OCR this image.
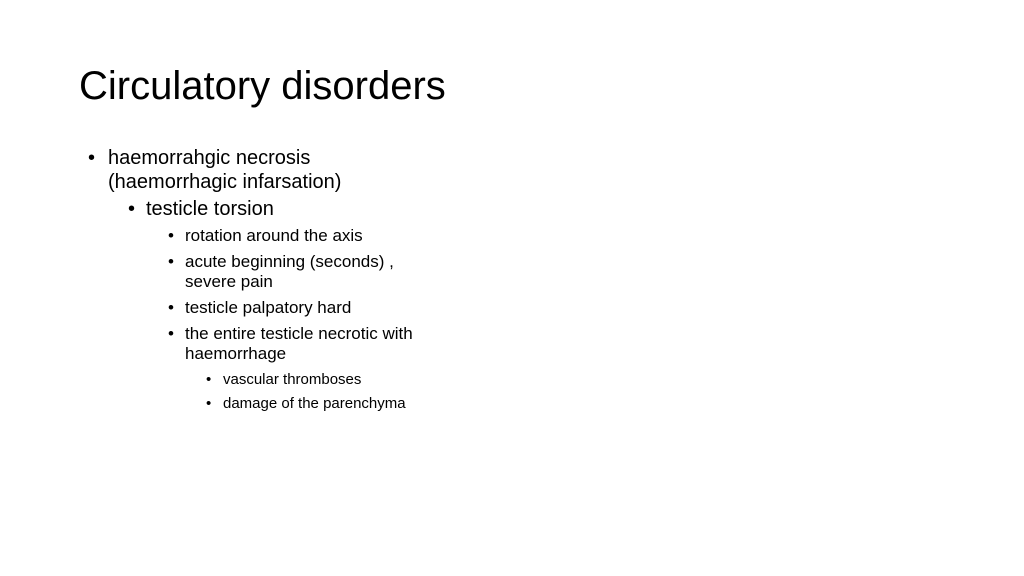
Circulatory disorders
• haemorrahgic necrosis
(haemorrhagic infarsation)
• testicle torsion
• rotation around the axis
• acute beginning (seconds) ,
severe pain
• testicle palpatory hard
• the entire testicle necrotic with
haemorrhage
• vascular thromboses
• damage of the parenchyma
